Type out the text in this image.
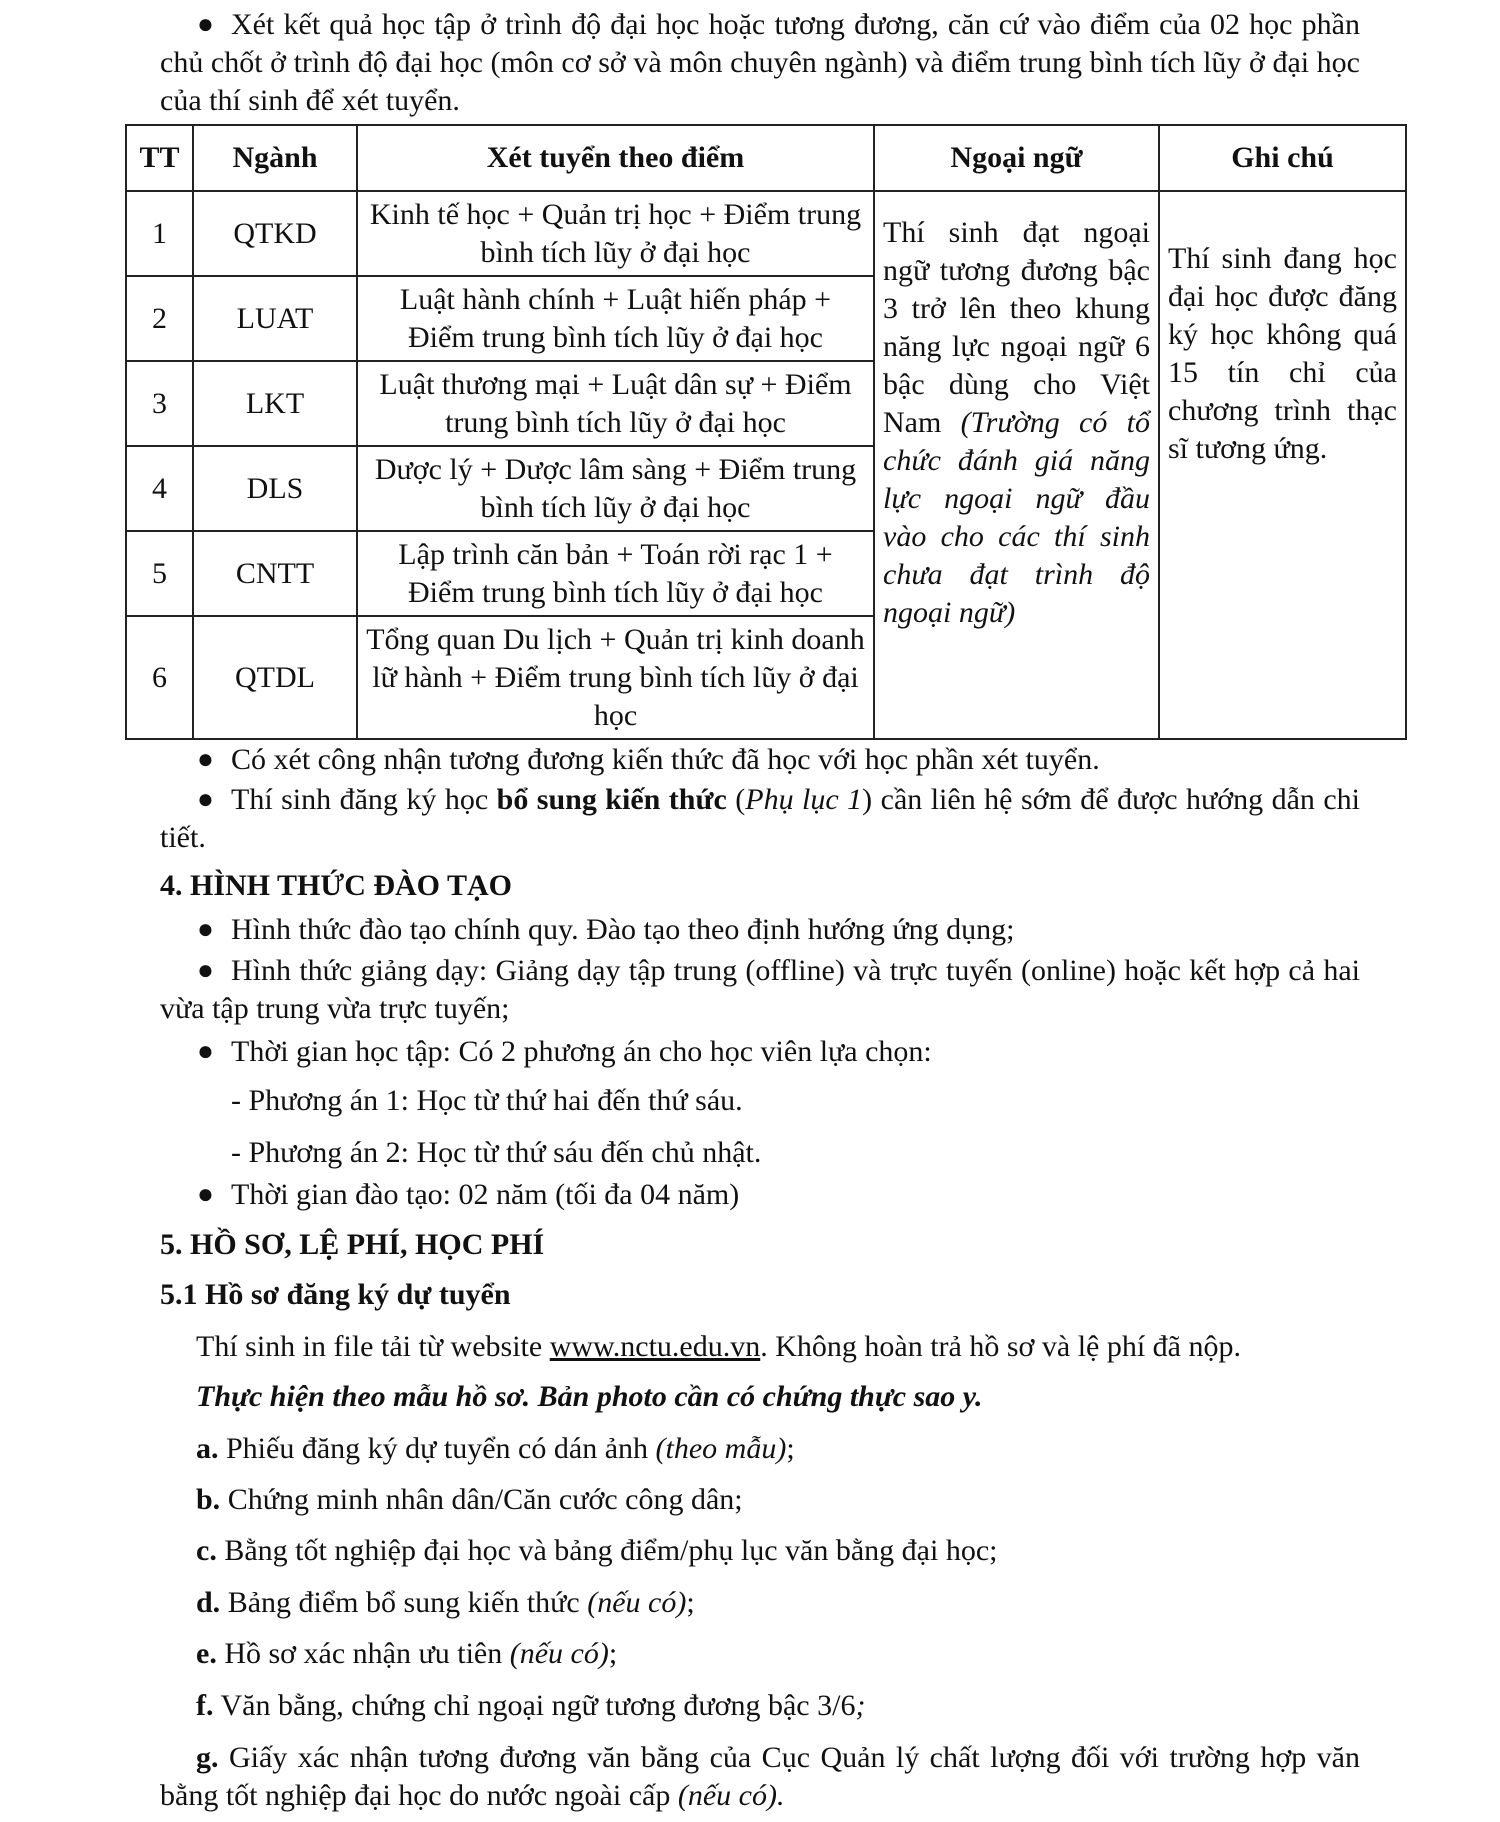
● Xét kết quả học tập ở trình độ đại học hoặc tương đương, căn cứ vào điểm của 02 học phần chủ chốt ở trình độ đại học (môn cơ sở và môn chuyên ngành) và điểm trung bình tích lũy ở đại học của thí sinh để xét tuyển.
TT	Ngành	Xét tuyển theo điểm	Ngoại ngữ	Ghi chú
1	QTKD	Kinh tế học + Quản trị học + Điểm trung bình tích lũy ở đại học	Thí sinh đạt ngoại ngữ tương đương bậc 3 trở lên theo khung năng lực ngoại ngữ 6 bậc dùng cho Việt Nam (Trường có tổ chức đánh giá năng lực ngoại ngữ đầu vào cho các thí sinh chưa đạt trình độ ngoại ngữ)	Thí sinh đang học đại học được đăng ký học không quá 15 tín chỉ của chương trình thạc sĩ tương ứng.

2	LUAT	Luật hành chính + Luật hiến pháp + Điểm trung bình tích lũy ở đại học		
3	LKT	Luật thương mại + Luật dân sự + Điểm trung bình tích lũy ở đại học		
4	DLS	Dược lý + Dược lâm sàng + Điểm trung bình tích lũy ở đại học		
5	CNTT	Lập trình căn bản + Toán rời rạc 1 + Điểm trung bình tích lũy ở đại học		
6	QTDL	Tổng quan Du lịch + Quản trị kinh doanh lữ hành + Điểm trung bình tích lũy ở đại học		
● Có xét công nhận tương đương kiến thức đã học với học phần xét tuyển.
● Thí sinh đăng ký học bổ sung kiến thức (Phụ lục 1) cần liên hệ sớm để được hướng dẫn chi tiết.
4. HÌNH THỨC ĐÀO TẠO
● Hình thức đào tạo chính quy. Đào tạo theo định hướng ứng dụng;
● Hình thức giảng dạy: Giảng dạy tập trung (offline) và trực tuyến (online) hoặc kết hợp cả hai vừa tập trung vừa trực tuyến;
● Thời gian học tập: Có 2 phương án cho học viên lựa chọn:
- Phương án 1: Học từ thứ hai đến thứ sáu.
- Phương án 2: Học từ thứ sáu đến chủ nhật.
● Thời gian đào tạo: 02 năm (tối đa 04 năm)
5. HỒ SƠ, LỆ PHÍ, HỌC PHÍ
5.1 Hồ sơ đăng ký dự tuyển
Thí sinh in file tải từ website www.nctu.edu.vn. Không hoàn trả hồ sơ và lệ phí đã nộp.
Thực hiện theo mẫu hồ sơ. Bản photo cần có chứng thực sao y.
a. Phiếu đăng ký dự tuyển có dán ảnh (theo mẫu);
b. Chứng minh nhân dân/Căn cước công dân;
c. Bằng tốt nghiệp đại học và bảng điểm/phụ lục văn bằng đại học;
d. Bảng điểm bổ sung kiến thức (nếu có);
e. Hồ sơ xác nhận ưu tiên (nếu có);
f. Văn bằng, chứng chỉ ngoại ngữ tương đương bậc 3/6;
g. Giấy xác nhận tương đương văn bằng của Cục Quản lý chất lượng đối với trường hợp văn bằng tốt nghiệp đại học do nước ngoài cấp (nếu có).
